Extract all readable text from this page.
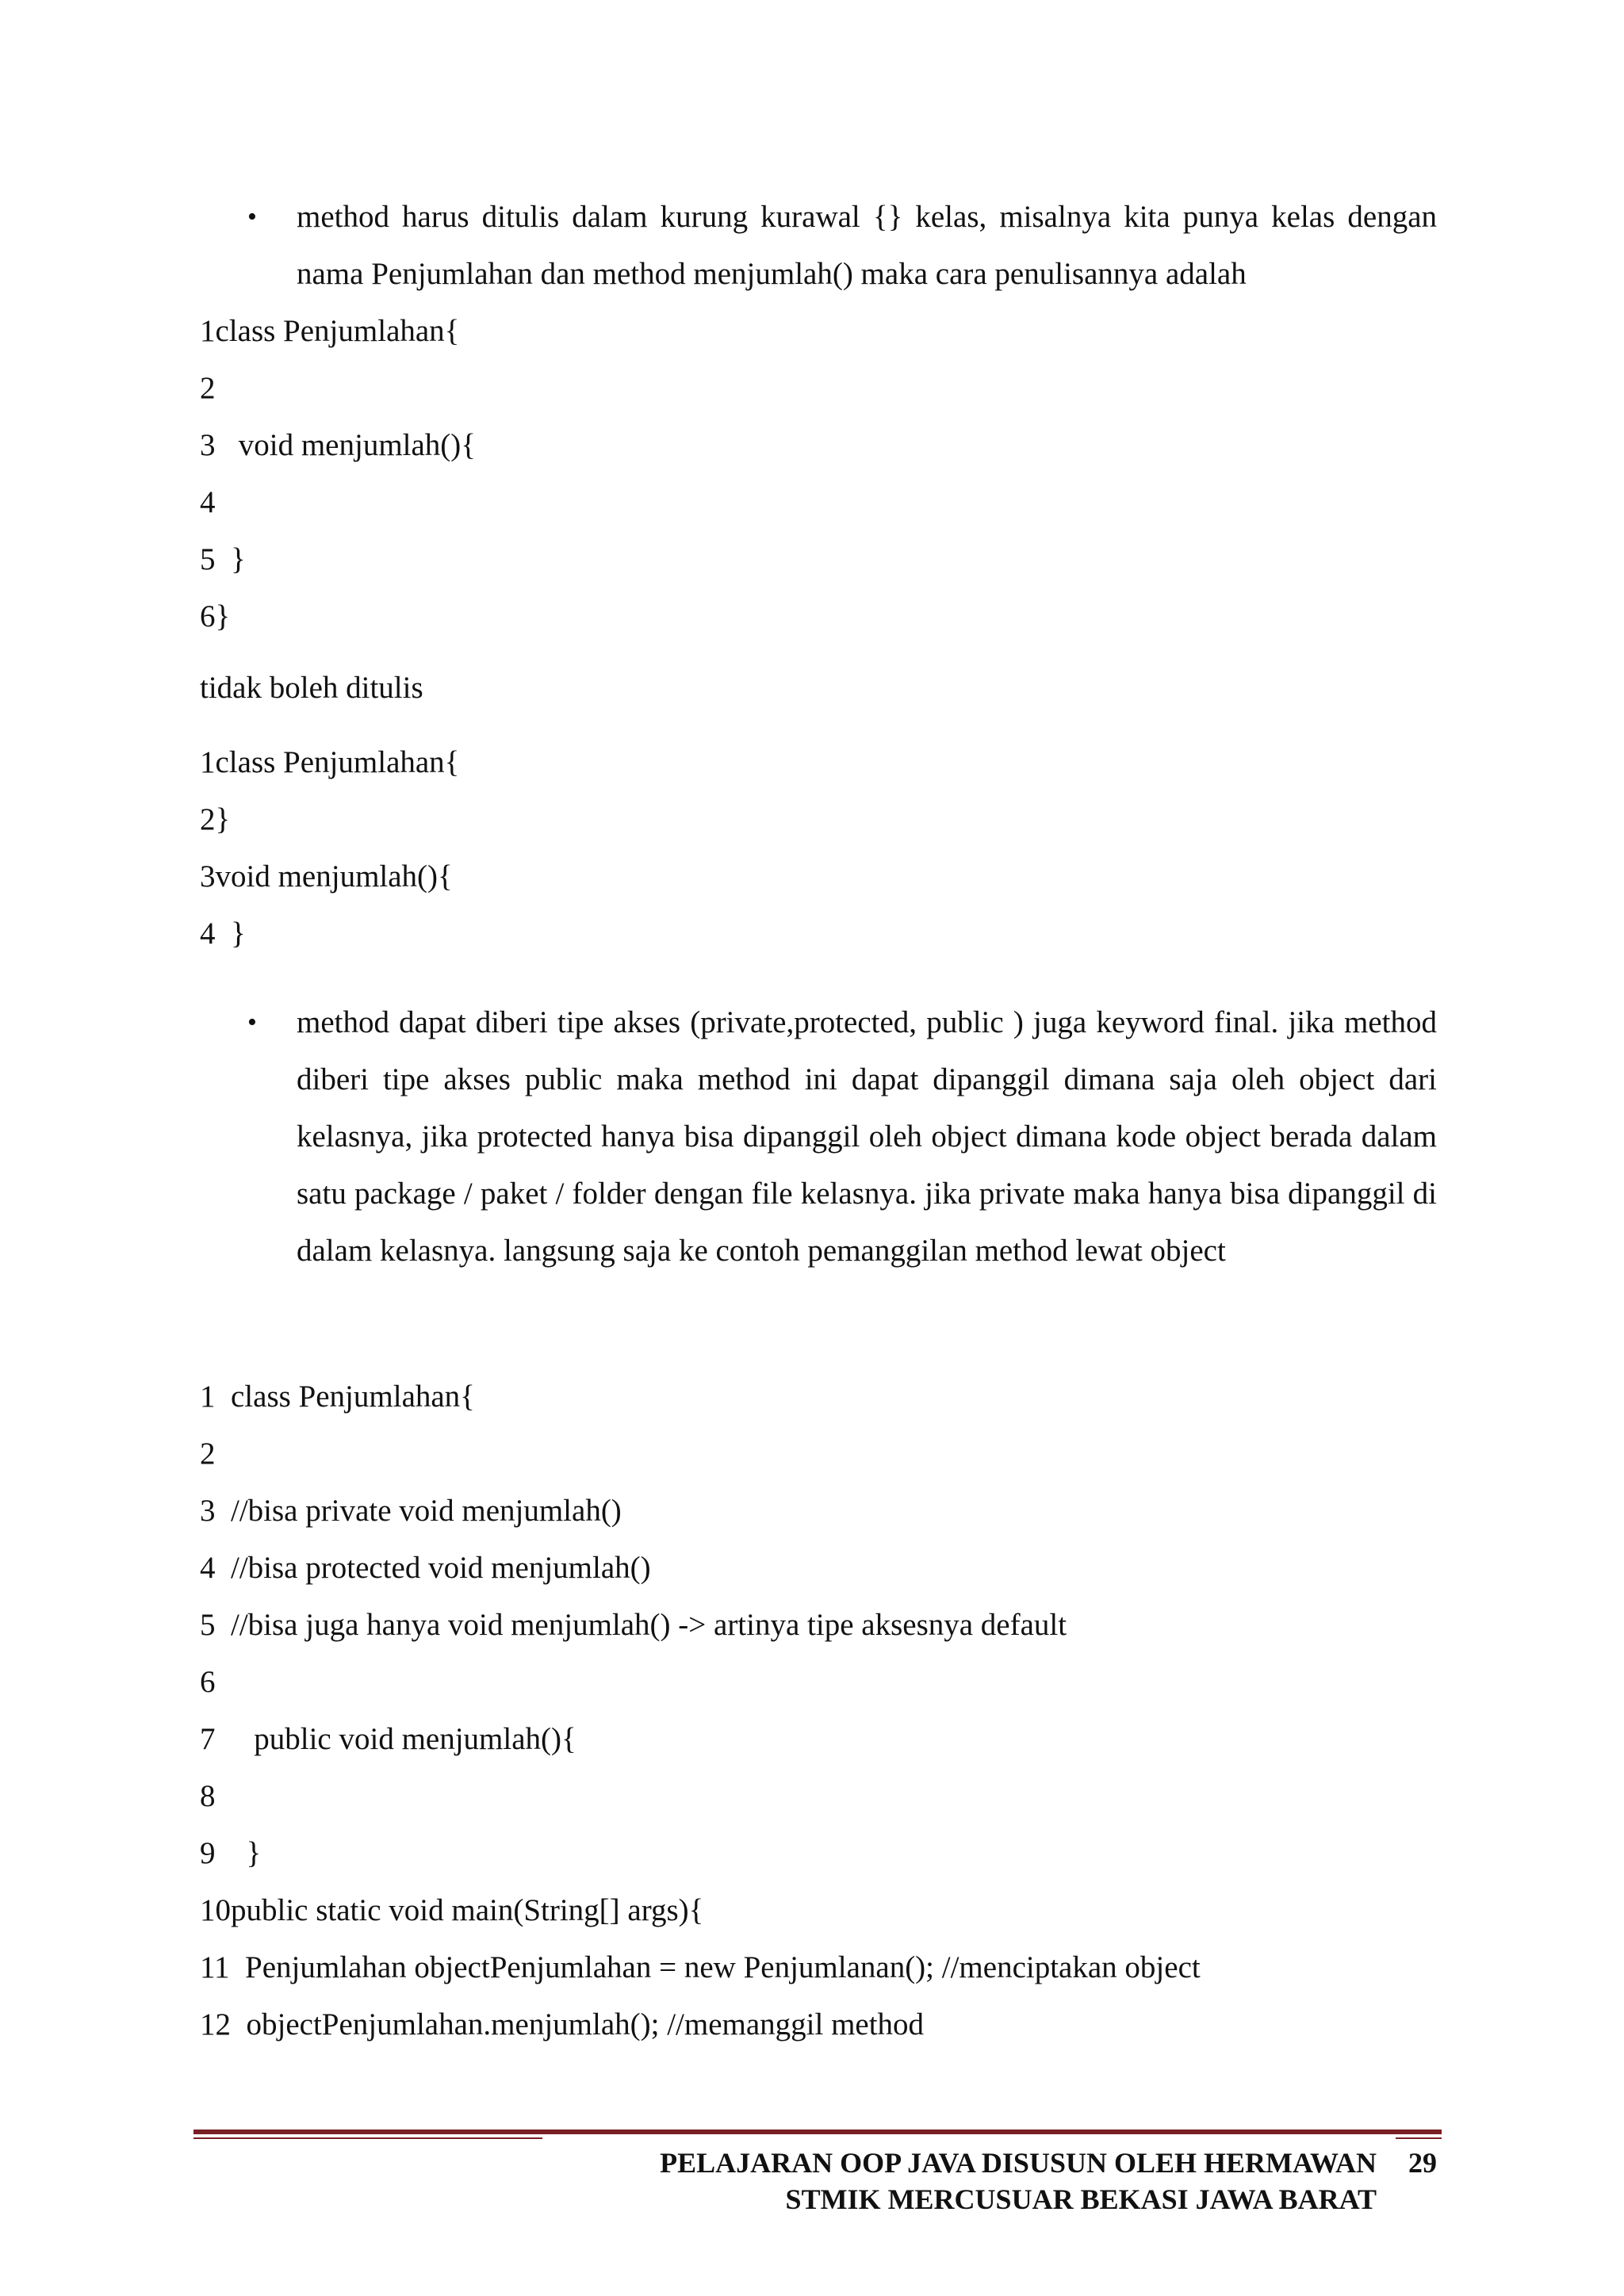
•	method harus ditulis dalam kurung kurawal {} kelas, misalnya kita punya kelas dengan nama Penjumlahan dan method menjumlah() maka cara penulisannya adalah
1class Penjumlahan{
2
3   void menjumlah(){
4
5  }
6}
tidak boleh ditulis
1class Penjumlahan{
2}
3void menjumlah(){
4  }
•	method dapat diberi tipe akses (private,protected, public ) juga keyword final. jika method diberi tipe akses public maka method ini dapat dipanggil dimana saja oleh object dari kelasnya, jika protected hanya bisa dipanggil oleh object dimana kode object berada dalam satu package / paket / folder dengan file kelasnya. jika private maka hanya bisa dipanggil di dalam kelasnya. langsung saja ke contoh pemanggilan method lewat object
1  class Penjumlahan{
2
3  //bisa private void menjumlah()
4  //bisa protected void menjumlah()
5  //bisa juga hanya void menjumlah() -> artinya tipe aksesnya default
6
7     public void menjumlah(){
8
9    }
10public static void main(String[] args){
11  Penjumlahan objectPenjumlahan = new Penjumlanan(); //menciptakan object
12  objectPenjumlahan.menjumlah(); //memanggil method
PELAJARAN OOP JAVA DISUSUN OLEH HERMAWAN 29
STMIK MERCUSUAR BEKASI JAWA BARAT
